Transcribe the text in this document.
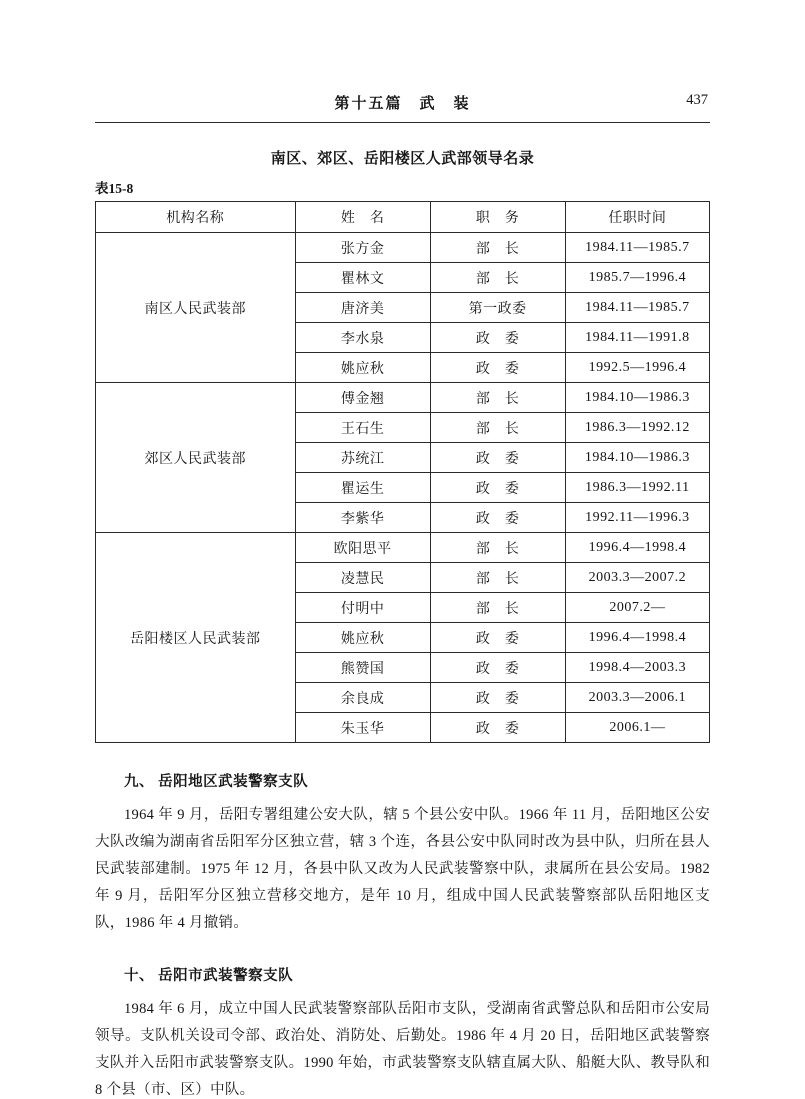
第十五篇　武　装	437
南区、郊区、岳阳楼区人武部领导名录
表15-8
机构名称	姓　名	职　务	任职时间
南区人民武装部	张方金	部　长	1984.11—1985.7
	瞿林文	部　长	1985.7—1996.4
	唐济美	第一政委	1984.11—1985.7
	李水泉	政　委	1984.11—1991.8
	姚应秋	政　委	1992.5—1996.4
郊区人民武装部	傅金翘	部　长	1984.10—1986.3
	王石生	部　长	1986.3—1992.12
	苏统江	政　委	1984.10—1986.3
	瞿运生	政　委	1986.3—1992.11
	李紫华	政　委	1992.11—1996.3
岳阳楼区人民武装部	欧阳思平	部　长	1996.4—1998.4
	凌慧民	部　长	2003.3—2007.2
	付明中	部　长	2007.2—
	姚应秋	政　委	1996.4—1998.4
	熊赞国	政　委	1998.4—2003.3
	余良成	政　委	2003.3—2006.1
	朱玉华	政　委	2006.1—
九、 岳阳地区武装警察支队

1964 年 9 月，岳阳专署组建公安大队，辖 5 个县公安中队。1966 年 11 月，岳阳地区公安大队改编为湖南省岳阳军分区独立营，辖 3 个连，各县公安中队同时改为县中队，归所在县人民武装部建制。1975 年 12 月，各县中队又改为人民武装警察中队，隶属所在县公安局。1982 年 9 月，岳阳军分区独立营移交地方，是年 10 月，组成中国人民武装警察部队岳阳地区支队，1986 年 4 月撤销。

十、 岳阳市武装警察支队

1984 年 6 月，成立中国人民武装警察部队岳阳市支队，受湖南省武警总队和岳阳市公安局领导。支队机关设司令部、政治处、消防处、后勤处。1986 年 4 月 20 日，岳阳地区武装警察支队并入岳阳市武装警察支队。1990 年始，市武装警察支队辖直属大队、船艇大队、教导队和 8 个县（市、区）中队。
